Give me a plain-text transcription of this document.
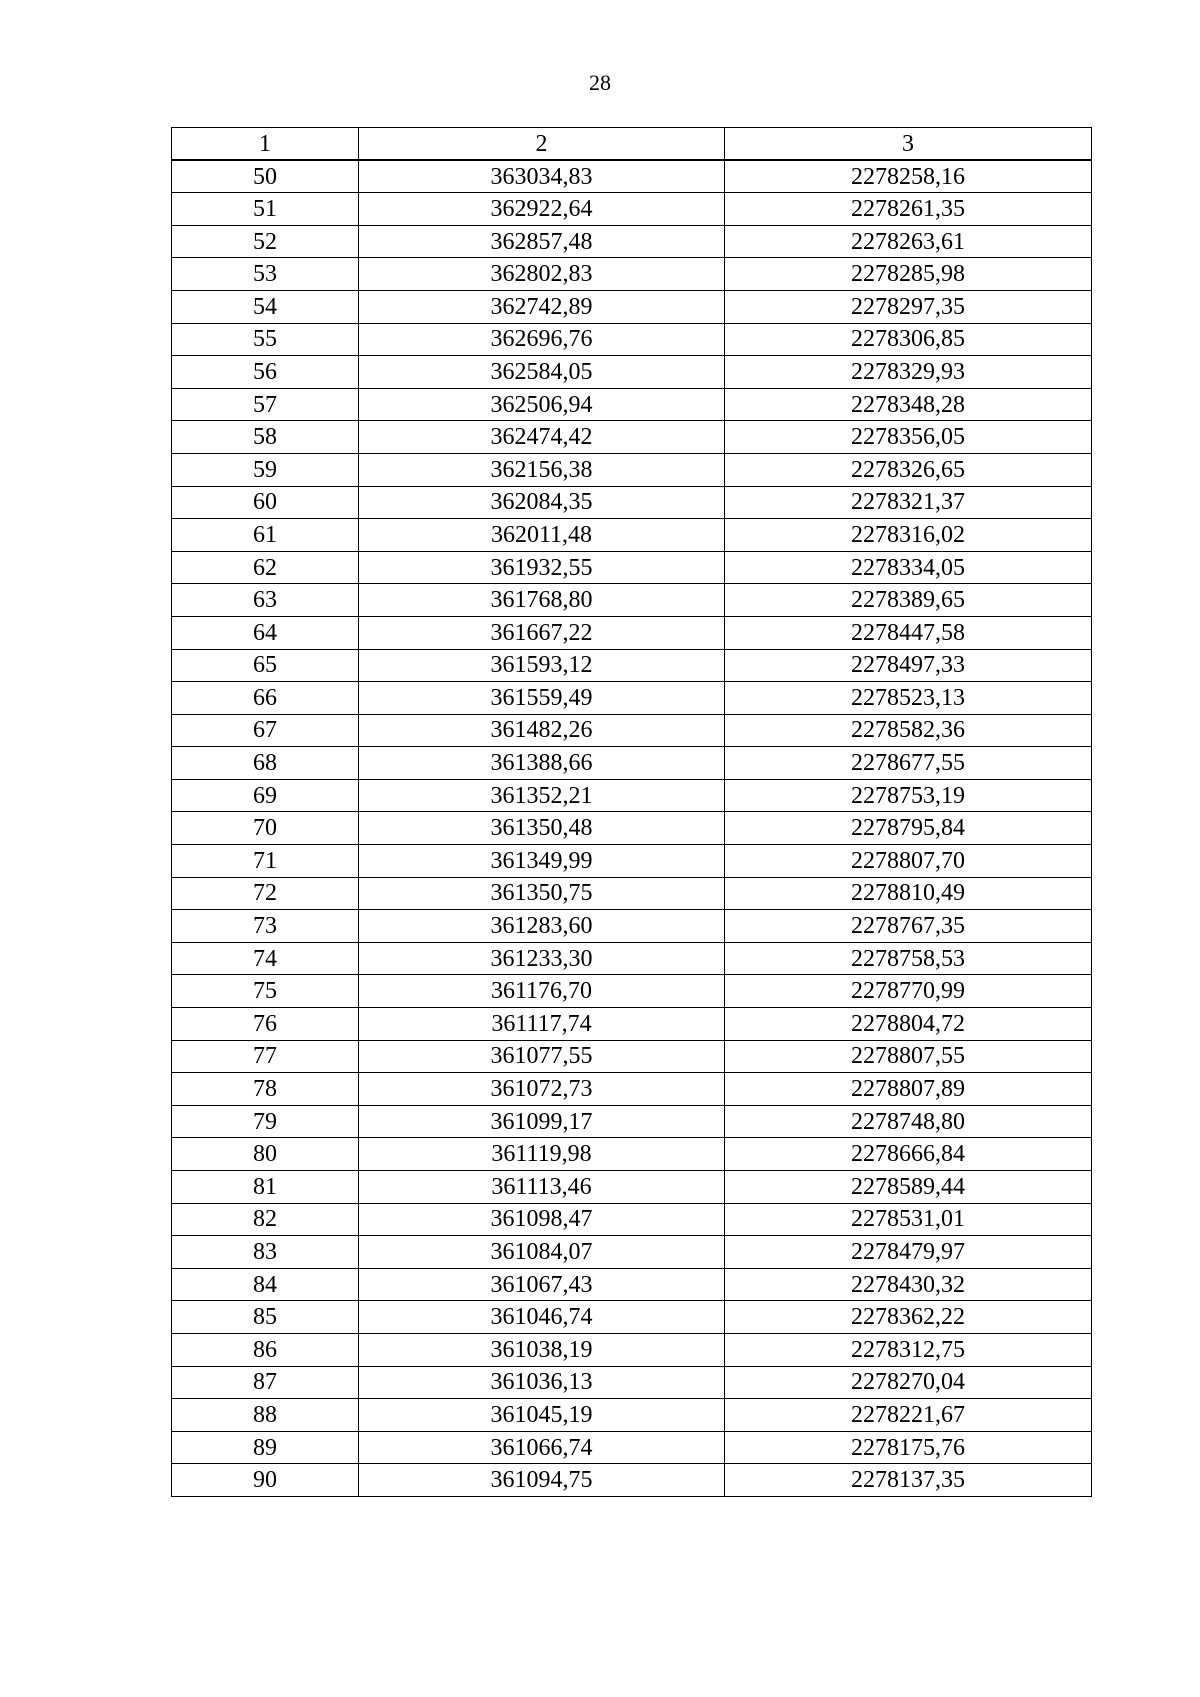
28
1	2	3
50	363034,83	2278258,16
51	362922,64	2278261,35
52	362857,48	2278263,61
53	362802,83	2278285,98
54	362742,89	2278297,35
55	362696,76	2278306,85
56	362584,05	2278329,93
57	362506,94	2278348,28
58	362474,42	2278356,05
59	362156,38	2278326,65
60	362084,35	2278321,37
61	362011,48	2278316,02
62	361932,55	2278334,05
63	361768,80	2278389,65
64	361667,22	2278447,58
65	361593,12	2278497,33
66	361559,49	2278523,13
67	361482,26	2278582,36
68	361388,66	2278677,55
69	361352,21	2278753,19
70	361350,48	2278795,84
71	361349,99	2278807,70
72	361350,75	2278810,49
73	361283,60	2278767,35
74	361233,30	2278758,53
75	361176,70	2278770,99
76	361117,74	2278804,72
77	361077,55	2278807,55
78	361072,73	2278807,89
79	361099,17	2278748,80
80	361119,98	2278666,84
81	361113,46	2278589,44
82	361098,47	2278531,01
83	361084,07	2278479,97
84	361067,43	2278430,32
85	361046,74	2278362,22
86	361038,19	2278312,75
87	361036,13	2278270,04
88	361045,19	2278221,67
89	361066,74	2278175,76
90	361094,75	2278137,35
